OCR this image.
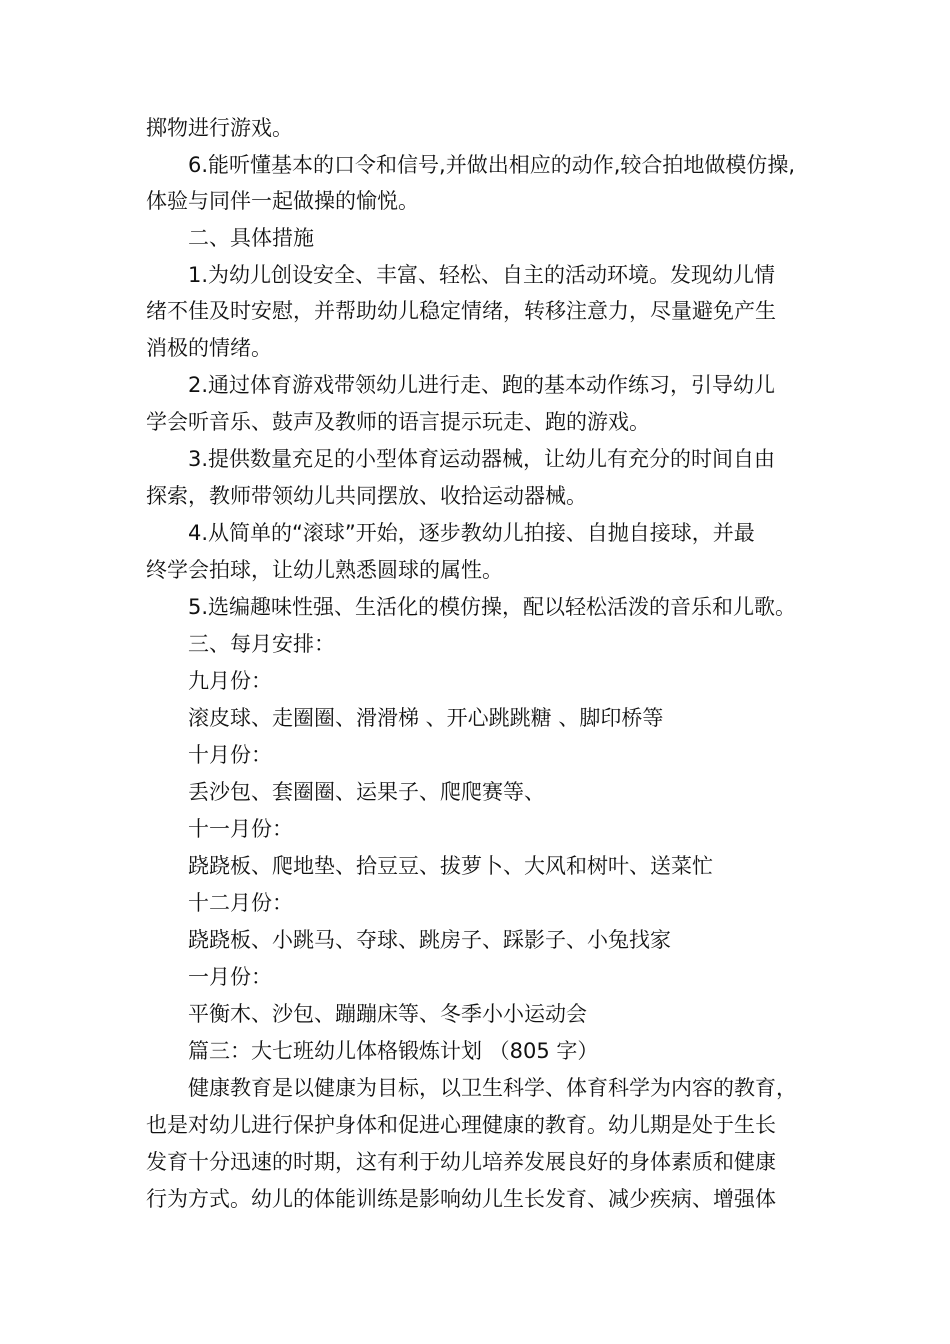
掷物进行游戏。
6.能听懂基本的口令和信号,并做出相应的动作,较合拍地做模仿操,
体验与同伴一起做操的愉悦。
二、具体措施
1.为幼儿创设安全、丰富、轻松、自主的活动环境。发现幼儿情
绪不佳及时安慰，并帮助幼儿稳定情绪，转移注意力，尽量避免产生
消极的情绪。
2.通过体育游戏带领幼儿进行走、跑的基本动作练习，引导幼儿
学会听音乐、鼓声及教师的语言提示玩走、跑的游戏。
3.提供数量充足的小型体育运动器械，让幼儿有充分的时间自由
探索，教师带领幼儿共同摆放、收拾运动器械。
4.从简单的“滚球”开始，逐步教幼儿拍接、自抛自接球，并最
终学会拍球，让幼儿熟悉圆球的属性。
5.选编趣味性强、生活化的模仿操，配以轻松活泼的音乐和儿歌。
三、每月安排：
九月份：
滚皮球、走圈圈、滑滑梯 、开心跳跳糖 、脚印桥等
十月份：
丢沙包、套圈圈、运果子、爬爬赛等、
十一月份：
跷跷板、爬地垫、拾豆豆、拔萝卜、大风和树叶、送菜忙
十二月份：
跷跷板、小跳马、夺球、跳房子、踩影子、小兔找家
一月份：
平衡木、沙包、蹦蹦床等、冬季小小运动会
篇三：大七班幼儿体格锻炼计划 （805 字）
健康教育是以健康为目标，以卫生科学、体育科学为内容的教育，
也是对幼儿进行保护身体和促进心理健康的教育。幼儿期是处于生长
发育十分迅速的时期，这有利于幼儿培养发展良好的身体素质和健康
行为方式。幼儿的体能训练是影响幼儿生长发育、减少疾病、增强体
